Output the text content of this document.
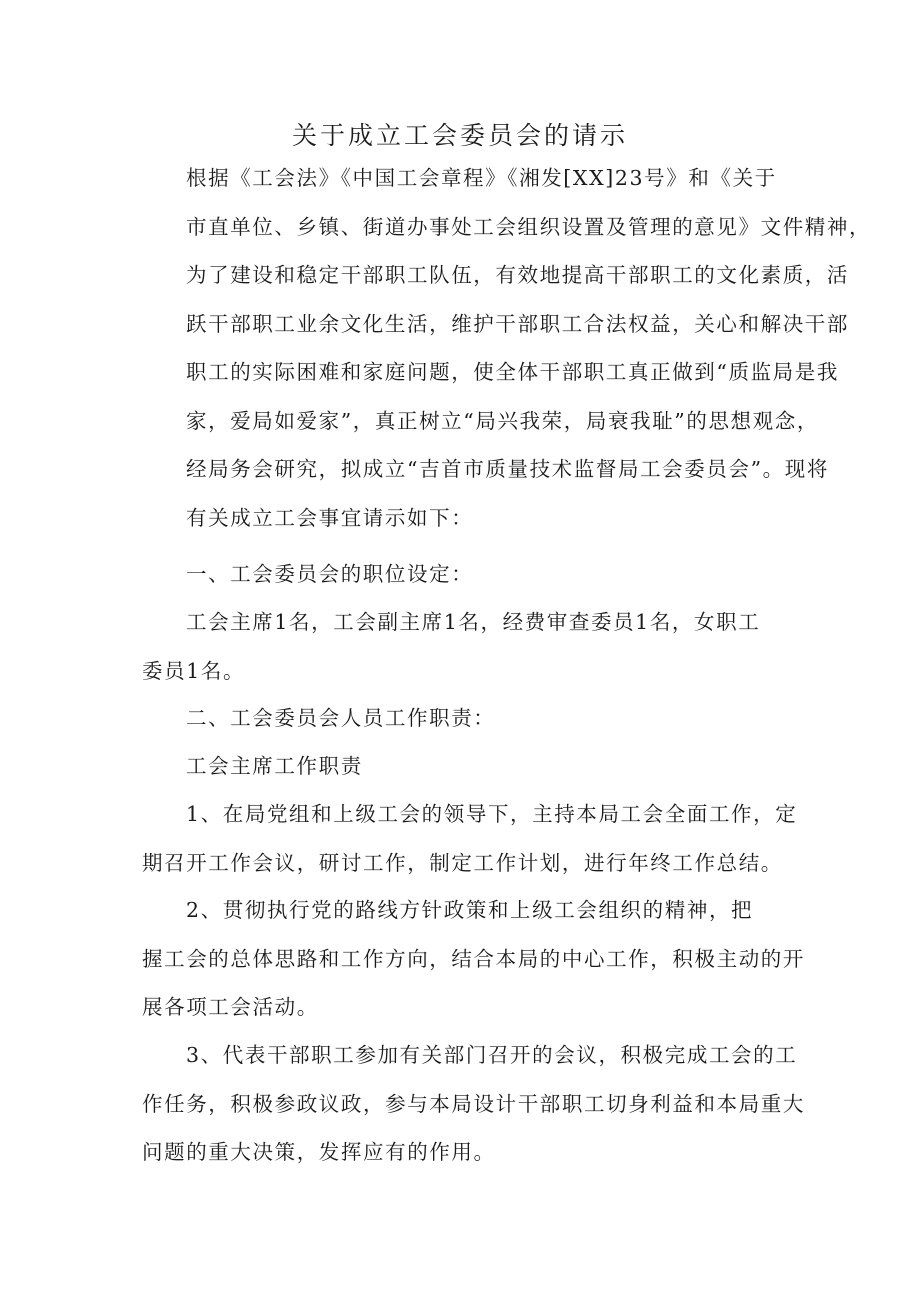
关于成立工会委员会的请示

根据《工会法》《中国工会章程》《湘发[XX]23号》和《关于
市直单位、乡镇、街道办事处工会组织设置及管理的意见》文件精神，
为了建设和稳定干部职工队伍，有效地提高干部职工的文化素质，活
跃干部职工业余文化生活，维护干部职工合法权益，关心和解决干部
职工的实际困难和家庭问题，使全体干部职工真正做到“质监局是我
家，爱局如爱家”，真正树立“局兴我荣，局衰我耻”的思想观念，
经局务会研究，拟成立“吉首市质量技术监督局工会委员会”。现将
有关成立工会事宜请示如下：

一、工会委员会的职位设定：

工会主席1名，工会副主席1名，经费审查委员1名，女职工
委员1名。

二、工会委员会人员工作职责：

工会主席工作职责

1、在局党组和上级工会的领导下，主持本局工会全面工作，定
期召开工作会议，研讨工作，制定工作计划，进行年终工作总结。

2、贯彻执行党的路线方针政策和上级工会组织的精神，把
握工会的总体思路和工作方向，结合本局的中心工作，积极主动的开
展各项工会活动。

3、代表干部职工参加有关部门召开的会议，积极完成工会的工
作任务，积极参政议政，参与本局设计干部职工切身利益和本局重大
问题的重大决策，发挥应有的作用。
